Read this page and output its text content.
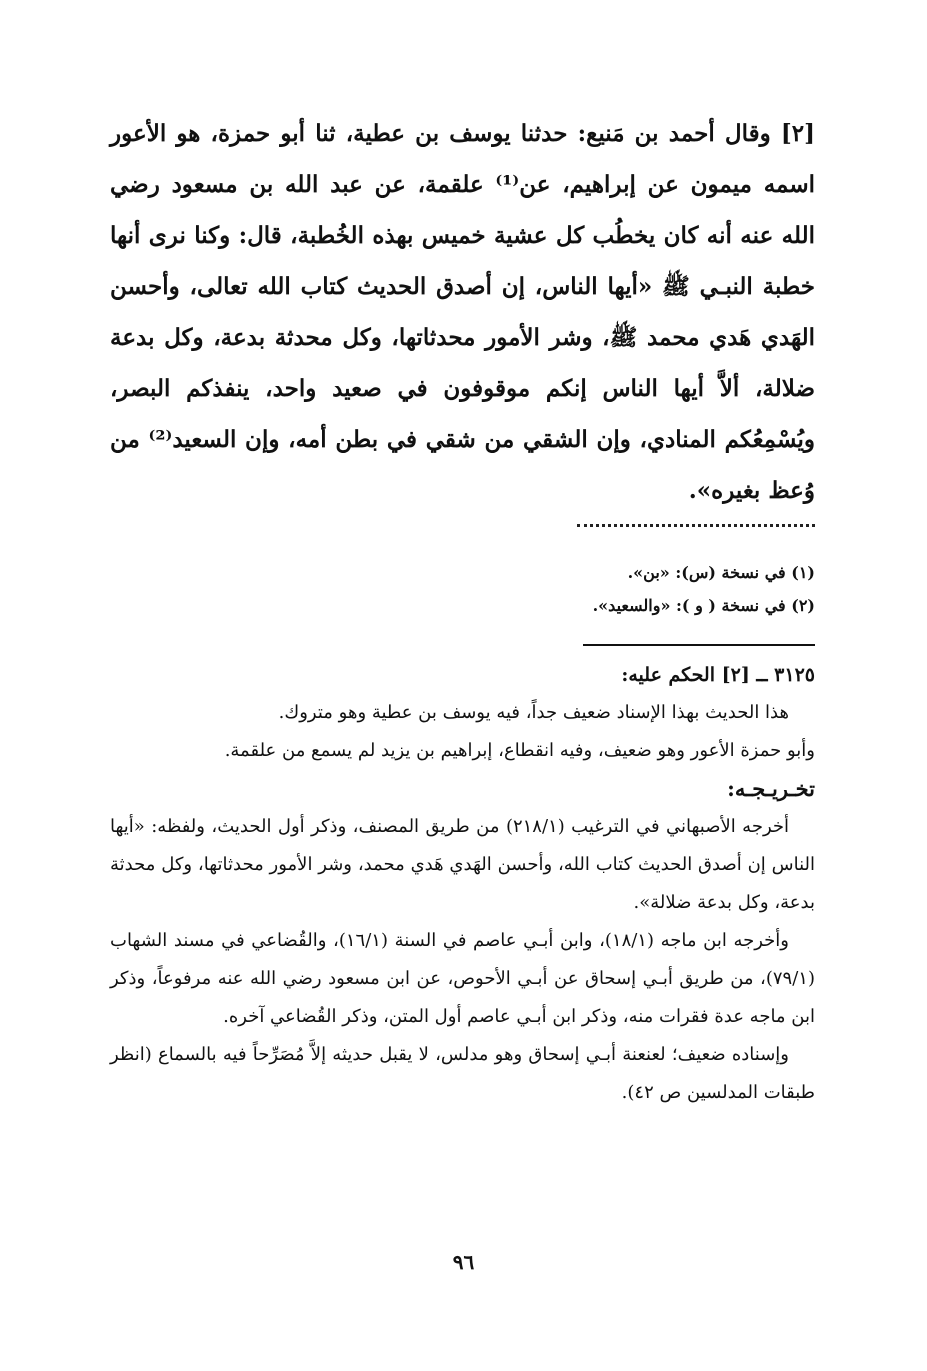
[٢] وقال أحمد بن مَنيع: حدثنا يوسف بن عطية، ثنا أبو حمزة، هو الأعور اسمه ميمون عن إبراهيم، عن⁽¹⁾ علقمة، عن عبد الله بن مسعود رضي الله عنه أنه كان يخطُب كل عشية خميس بهذه الخُطبة، قال: وكنا نرى أنها خطبة النبـي ﷺ «أيها الناس، إن أصدق الحديث كتاب الله تعالى، وأحسن الهَدي هَدي محمد ﷺ، وشر الأمور محدثاتها، وكل محدثة بدعة، وكل بدعة ضلالة، ألاَّ أيها الناس إنكم موقوفون في صعيد واحد، ينفذكم البصر، ويُسْمِعُكم المنادي، وإن الشقي من شقي في بطن أمه، وإن السعيد⁽²⁾ من وُعظ بغيره».

(١) في نسخة (س): «بن».

(٢) في نسخة ( و ): «والسعيد».

٣١٢٥ ــ [٢] الحكم عليه:

هذا الحديث بهذا الإسناد ضعيف جداً، فيه يوسف بن عطية وهو متروك.

وأبو حمزة الأعور وهو ضعيف، وفيه انقطاع، إبراهيم بن يزيد لم يسمع من علقمة.

تخـريـجـه:

أخرجه الأصبهاني في الترغيب (٢١٨/١) من طريق المصنف، وذكر أول الحديث، ولفظه: «أيها الناس إن أصدق الحديث كتاب الله، وأحسن الهَدي هَدي محمد، وشر الأمور محدثاتها، وكل محدثة بدعة، وكل بدعة ضلالة».

وأخرجه ابن ماجه (١٨/١)، وابن أبـي عاصم في السنة (١٦/١)، والقُضاعي في مسند الشهاب (٧٩/١)، من طريق أبـي إسحاق عن أبـي الأحوص، عن ابن مسعود رضي الله عنه مرفوعاً، وذكر ابن ماجه عدة فقرات منه، وذكر ابن أبـي عاصم أول المتن، وذكر القُضاعي آخره.

وإسناده ضعيف؛ لعنعنة أبـي إسحاق وهو مدلس، لا يقبل حديثه إلاَّ مُصَرِّحاً فيه بالسماع (انظر طبقات المدلسين ص ٤٢).

٩٦
